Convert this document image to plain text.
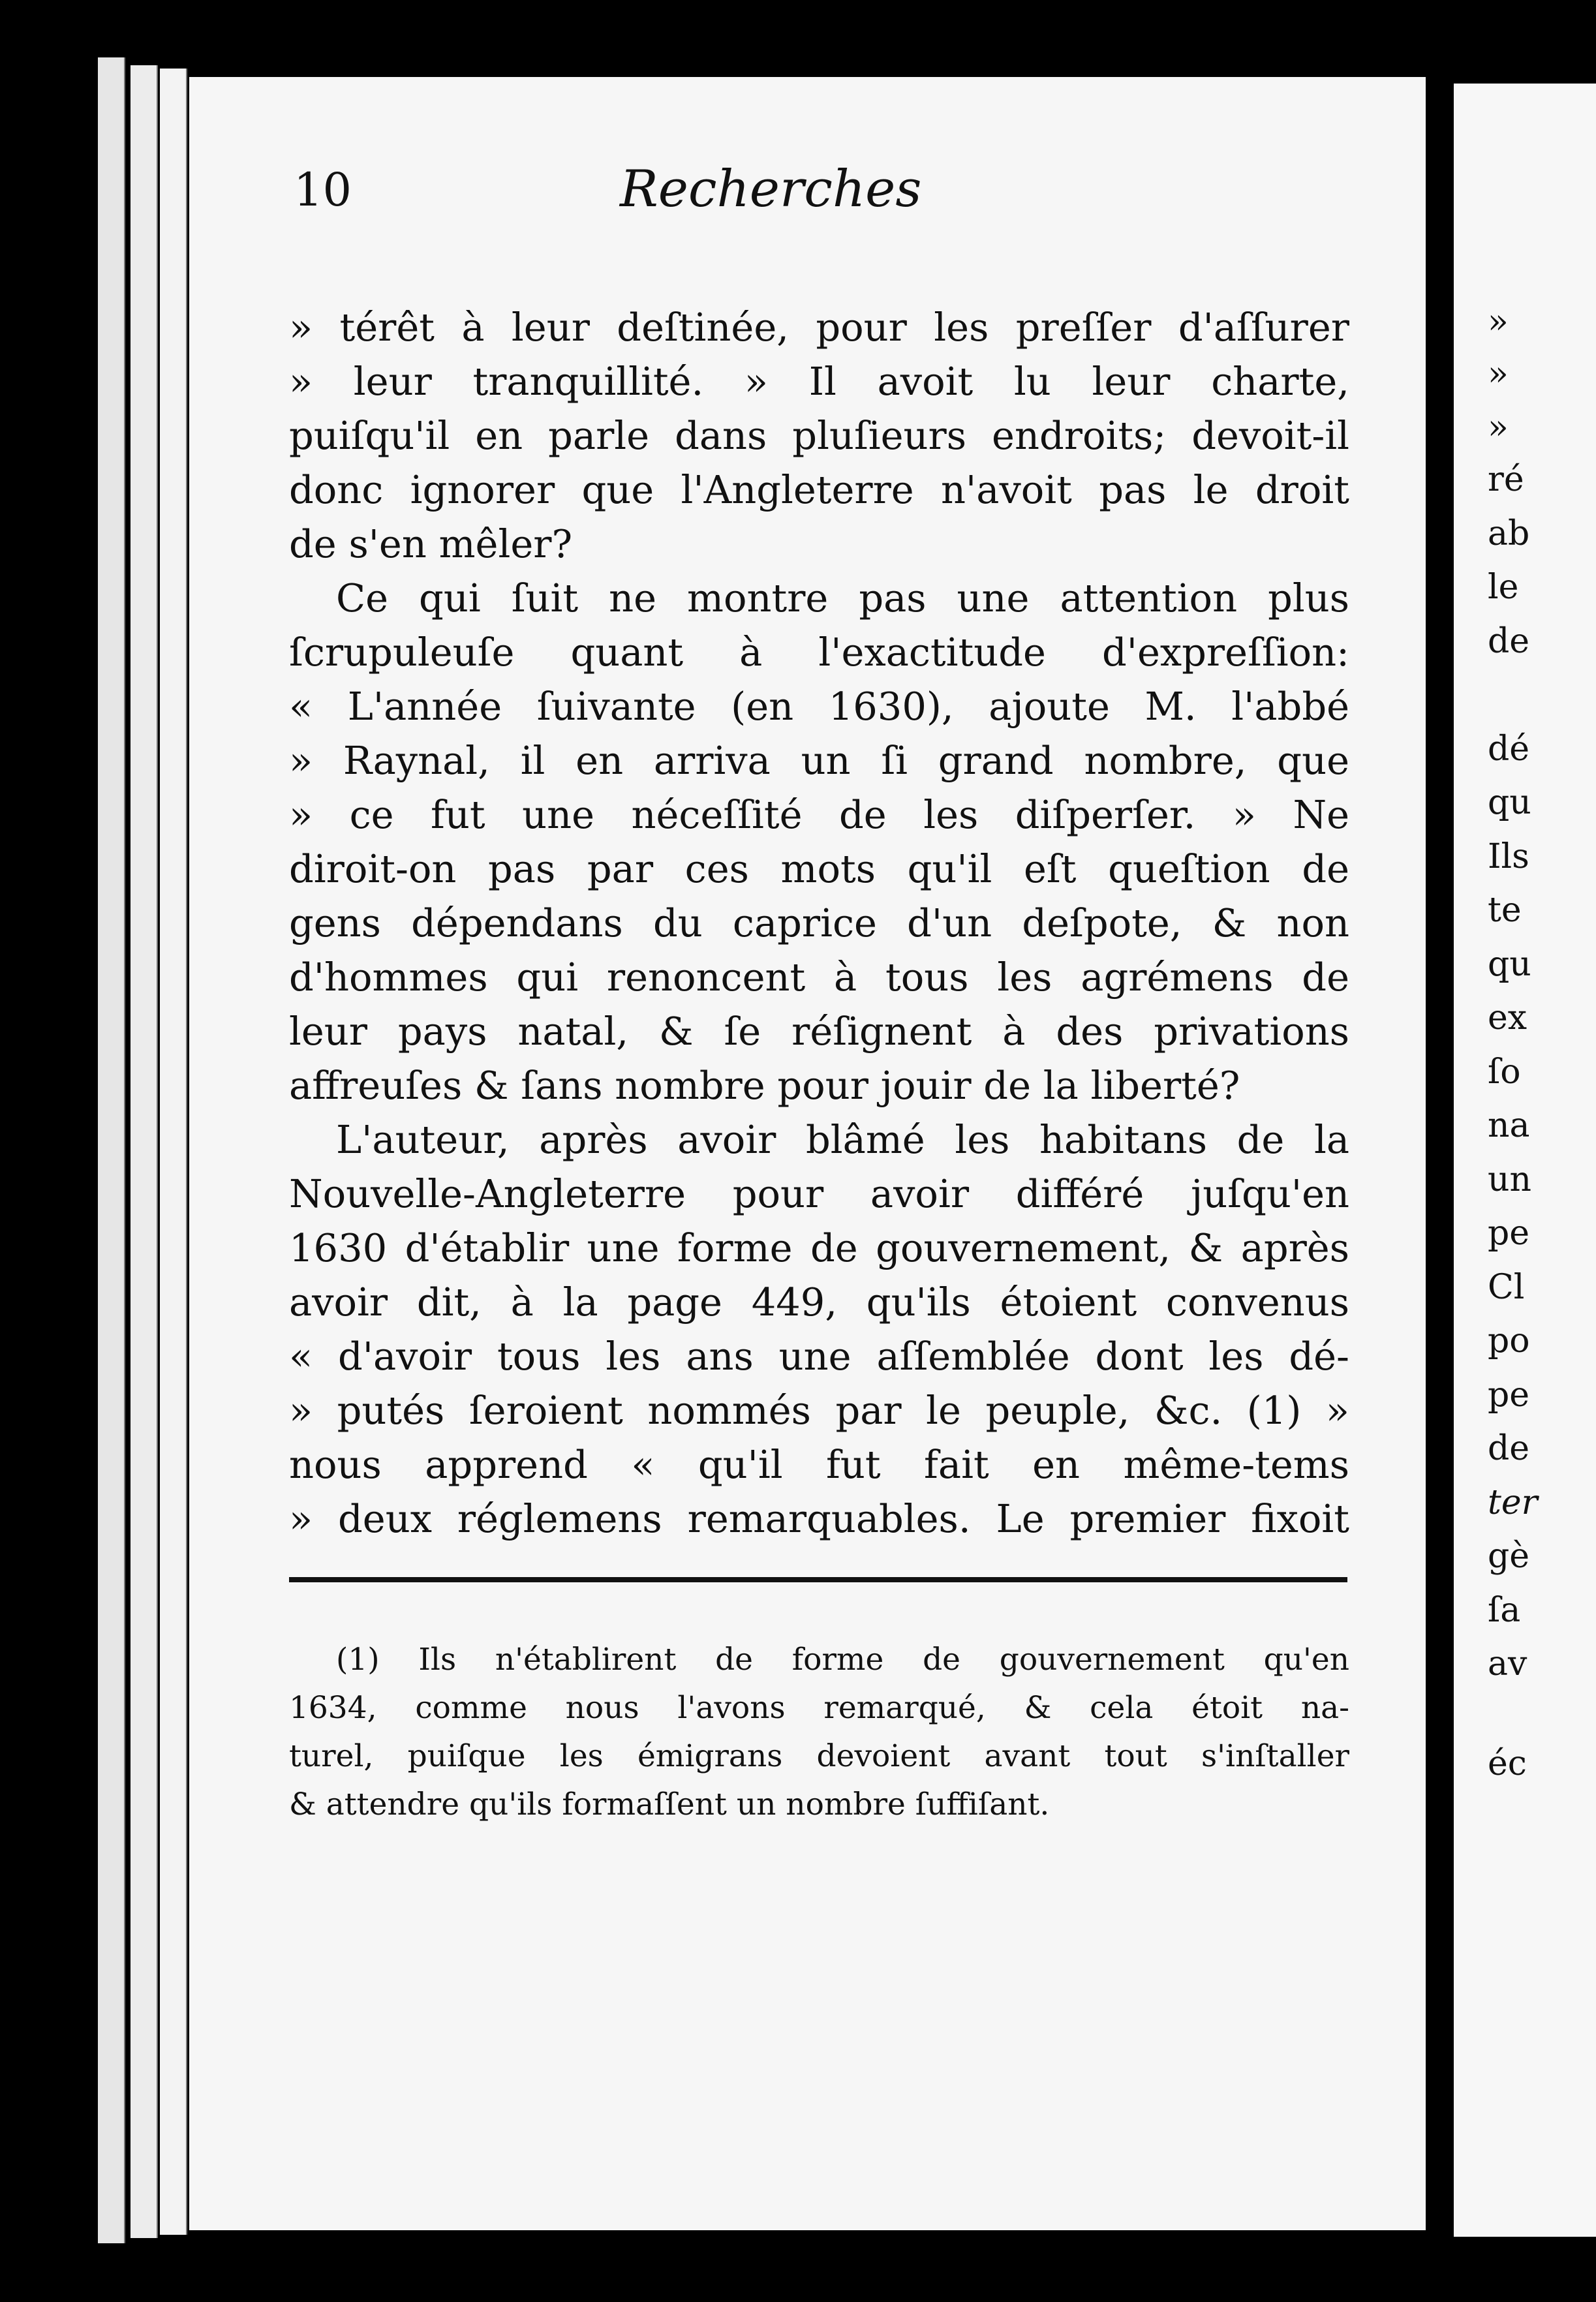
»
»
»
ré
ab
le
de
dé
qu
Ils
te
qu
ex
ſo
na
un
pe
Cl
po
pe
de
ter
gè
ſa
av
éc
10	Recherches
» térêt à leur deſtinée, pour les preſſer d'aſſurer
» leur tranquillité. » Il avoit lu leur charte,
puiſqu'il en parle dans pluſieurs endroits; devoit-il
donc ignorer que l'Angleterre n'avoit pas le droit
de s'en mêler?
Ce qui ſuit ne montre pas une attention plus
ſcrupuleuſe quant à l'exactitude d'expreſſion:
« L'année ſuivante (en 1630), ajoute M. l'abbé
» Raynal, il en arriva un ſi grand nombre, que
» ce fut une néceſſité de les diſperſer. » Ne
diroit-on pas par ces mots qu'il eſt queſtion de
gens dépendans du caprice d'un deſpote, & non
d'hommes qui renoncent à tous les agrémens de
leur pays natal, & ſe réſignent à des privations
affreuſes & ſans nombre pour jouir de la liberté?
L'auteur, après avoir blâmé les habitans de la
Nouvelle-Angleterre pour avoir différé juſqu'en
1630 d'établir une forme de gouvernement, & après
avoir dit, à la page 449, qu'ils étoient convenus
« d'avoir tous les ans une aſſemblée dont les dé-
» putés ſeroient nommés par le peuple, &c. (1) »
nous apprend « qu'il fut fait en même-tems
» deux réglemens remarquables. Le premier fixoit
(1) Ils n'établirent de forme de gouvernement qu'en
1634, comme nous l'avons remarqué, & cela étoit na-
turel, puiſque les émigrans devoient avant tout s'inſtaller
& attendre qu'ils formaſſent un nombre ſuffiſant.
